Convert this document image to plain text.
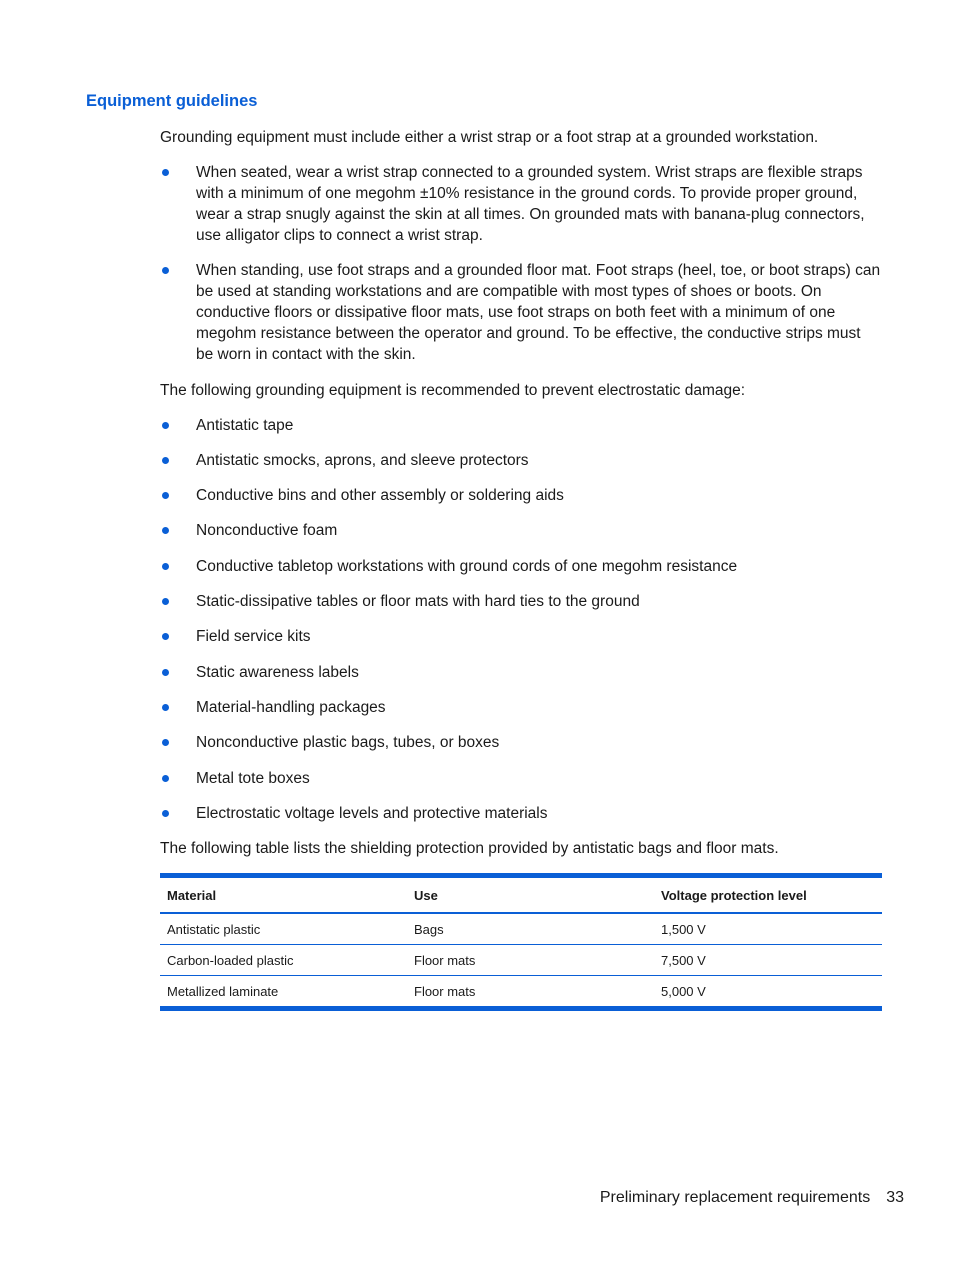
Equipment guidelines

Grounding equipment must include either a wrist strap or a foot strap at a grounded workstation.

When seated, wear a wrist strap connected to a grounded system. Wrist straps are flexible straps with a minimum of one megohm ±10% resistance in the ground cords. To provide proper ground, wear a strap snugly against the skin at all times. On grounded mats with banana-plug connectors, use alligator clips to connect a wrist strap.
When standing, use foot straps and a grounded floor mat. Foot straps (heel, toe, or boot straps) can be used at standing workstations and are compatible with most types of shoes or boots. On conductive floors or dissipative floor mats, use foot straps on both feet with a minimum of one megohm resistance between the operator and ground. To be effective, the conductive strips must be worn in contact with the skin.

The following grounding equipment is recommended to prevent electrostatic damage:

Antistatic tape
Antistatic smocks, aprons, and sleeve protectors
Conductive bins and other assembly or soldering aids
Nonconductive foam
Conductive tabletop workstations with ground cords of one megohm resistance
Static-dissipative tables or floor mats with hard ties to the ground
Field service kits
Static awareness labels
Material-handling packages
Nonconductive plastic bags, tubes, or boxes
Metal tote boxes
Electrostatic voltage levels and protective materials

The following table lists the shielding protection provided by antistatic bags and floor mats.

Material	Use	Voltage protection level
Antistatic plastic	Bags	1,500 V
Carbon-loaded plastic	Floor mats	7,500 V
Metallized laminate	Floor mats	5,000 V
Preliminary replacement requirements 33
